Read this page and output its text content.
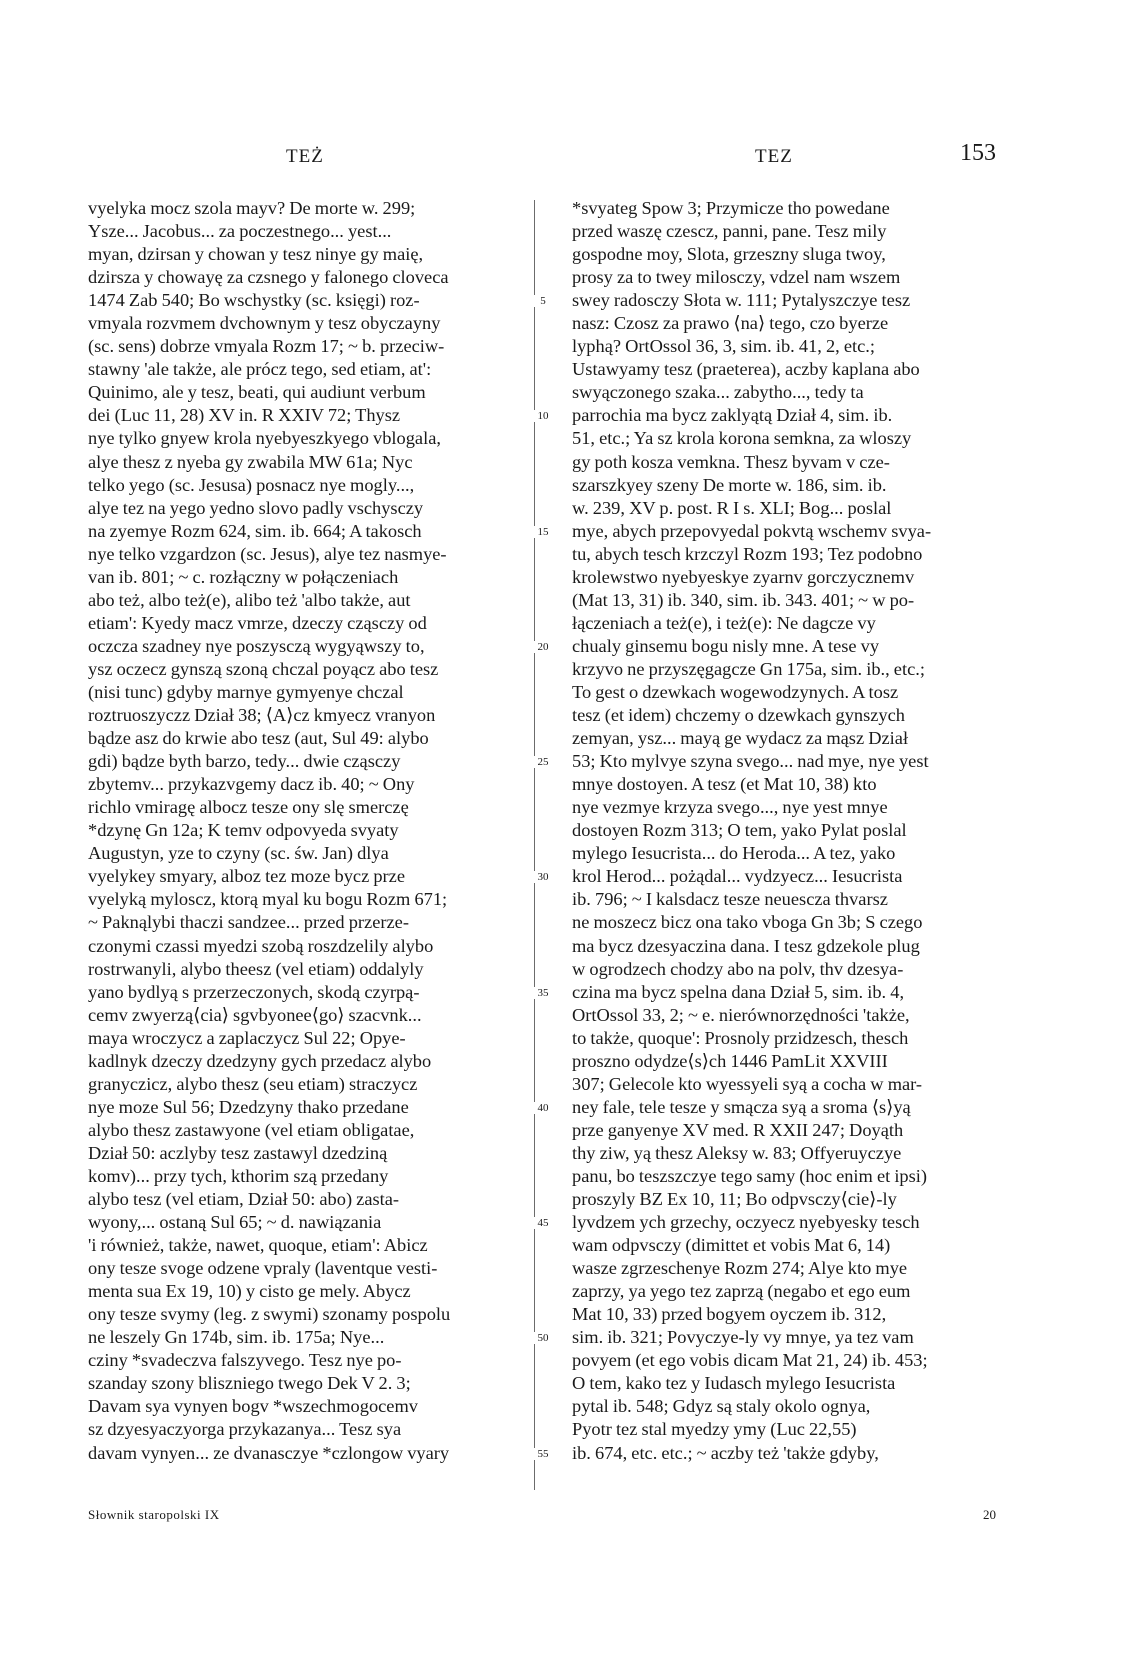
TEŻ	TEZ	153
vyelyka mocz szola mayv? De morte w. 299;
Ysze... Jacobus... za poczestnego... yest...
myan, dzirsan y chowan y tesz ninye gy maię,
dzirsza y chowayę za czsnego y falonego cloveca
1474 Zab 540; Bo wschystky (sc. księgi) roz-
vmyala rozvmem dvchownym y tesz obyczayny
(sc. sens) dobrze vmyala Rozm 17; ~ b. przeciw-
stawny 'ale także, ale prócz tego, sed etiam, at':
Quinimo, ale y tesz, beati, qui audiunt verbum
dei (Luc 11, 28) XV in. R XXIV 72; Thysz
nye tylko gnyew krola nyebyeszkyego vblogala,
alye thesz z nyeba gy zwabila MW 61a; Nyc
telko yego (sc. Jesusa) posnacz nye mogly...,
alye tez na yego yedno slovo padly vschysczy
na zyemye Rozm 624, sim. ib. 664; A takosch
nye telko vzgardzon (sc. Jesus), alye tez nasmye-
van ib. 801; ~ c. rozłączny w połączeniach
abo też, albo też(e), alibo też 'albo także, aut
etiam': Kyedy macz vmrze, dzeczy cząsczy od
oczcza szadney nye poszysczą wygyąwszy to,
ysz oczecz gynszą szoną chczal poyącz abo tesz
(nisi tunc) gdyby marnye gymyenye chczal
roztruoszyczz Dział 38; ⟨A⟩cz kmyecz vranyon
bądze asz do krwie abo tesz (aut, Sul 49: alybo
gdi) bądze byth barzo, tedy... dwie cząsczy
zbytemv... przykazvgemy dacz ib. 40; ~ Ony
richlo vmiragę albocz tesze ony slę smerczę
*dzynę Gn 12a; K temv odpovyeda svyaty
Augustyn, yze to czyny (sc. św. Jan) dlya
vyelykey smyary, alboz tez moze bycz prze
vyelyką myloscz, ktorą myal ku bogu Rozm 671;
~ Paknąlybi thaczi sandzee... przed przerze-
czonymi czassi myedzi szobą roszdzelily alybo
rostrwanyli, alybo theesz (vel etiam) oddalyly
yano bydlyą s przerzeczonych, skodą czyrpą-
cemv zwyerzą⟨cia⟩ sgvbyonee⟨go⟩ szacvnk...
maya wroczycz a zaplaczycz Sul 22; Opye-
kadlnyk dzeczy dzedzyny gych przedacz alybo
granyczicz, alybo thesz (seu etiam) straczycz
nye moze Sul 56; Dzedzyny thako przedane
alybo thesz zastawyone (vel etiam obligatae,
Dział 50: aczlyby tesz zastawyl dzedziną
komv)... przy tych, kthorim szą przedany
alybo tesz (vel etiam, Dział 50: abo) zasta-
wyony,... ostaną Sul 65; ~ d. nawiązania
'i również, także, nawet, quoque, etiam': Abicz
ony tesze svoge odzene vpraly (laventque vesti-
menta sua Ex 19, 10) y cisto ge mely. Abycz
ony tesze svymy (leg. z swymi) szonamy pospolu
ne leszely Gn 174b, sim. ib. 175a; Nye...
cziny *svadeczva falszyvego. Tesz nye po-
szanday szony bliszniego twego Dek V 2. 3;
Davam sya vynyen bogv *wszechmogocemv
sz dzyesyaczyorga przykazanya... Tesz sya
davam vynyen... ze dvanasczye *czlongow vyary
5
10
15
20
25
30
35
40
45
50
55
*svyateg Spow 3; Przymicze tho powedane
przed waszę czescz, panni, pane. Tesz mily
gospodne moy, Slota, grzeszny sluga twoy,
prosy za to twey milosczy, vdzel nam wszem
swey radosczy Słota w. 111; Pytalyszczye tesz
nasz: Czosz za prawo ⟨na⟩ tego, czo byerze
lyphą? OrtOssol 36, 3, sim. ib. 41, 2, etc.;
Ustawyamy tesz (praeterea), aczby kaplana abo
swyączonego szaka... zabytho..., tedy ta
parrochia ma bycz zaklyątą Dział 4, sim. ib.
51, etc.; Ya sz krola korona semkna, za wloszy
gy poth kosza vemkna. Thesz byvam v cze-
szarszkyey szeny De morte w. 186, sim. ib.
w. 239, XV p. post. R I s. XLI; Bog... poslal
mye, abych przepovyedal pokvtą wschemv svya-
tu, abych tesch krzczyl Rozm 193; Tez podobno
krolewstwo nyebyeskye zyarnv gorczycznemv
(Mat 13, 31) ib. 340, sim. ib. 343. 401; ~ w po-
łączeniach a też(e), i też(e): Ne dagcze vy
chualy ginsemu bogu nisly mne. A tese vy
krzyvo ne przyszęgagcze Gn 175a, sim. ib., etc.;
To gest o dzewkach wogewodzynych. A tosz
tesz (et idem) chczemy o dzewkach gynszych
zemyan, ysz... mayą ge wydacz za mąsz Dział
53; Kto mylvye szyna svego... nad mye, nye yest
mnye dostoyen. A tesz (et Mat 10, 38) kto
nye vezmye krzyza svego..., nye yest mnye
dostoyen Rozm 313; O tem, yako Pylat poslal
mylego Iesucrista... do Heroda... A tez, yako
krol Herod... pożądal... vydzyecz... Iesucrista
ib. 796; ~ I kalsdacz tesze neuescza thvarsz
ne moszecz bicz ona tako vboga Gn 3b; S czego
ma bycz dzesyaczina dana. I tesz gdzekole plug
w ogrodzech chodzy abo na polv, thv dzesya-
czina ma bycz spelna dana Dział 5, sim. ib. 4,
OrtOssol 33, 2; ~ e. nierównorzędności 'także,
to także, quoque': Prosnoly przidzesch, thesch
proszno odydze⟨s⟩ch 1446 PamLit XXVIII
307; Gelecole kto wyessyeli syą a cocha w mar-
ney fale, tele tesze y smącza syą a sroma ⟨s⟩yą
prze ganyenye XV med. R XXII 247; Doyąth
thy ziw, yą thesz Aleksy w. 83; Offyeruyczye
panu, bo teszszczye tego samy (hoc enim et ipsi)
proszyly BZ Ex 10, 11; Bo odpvsczy⟨cie⟩-ly
lyvdzem ych grzechy, oczyecz nyebyesky tesch
wam odpvsczy (dimittet et vobis Mat 6, 14)
wasze zgrzeschenye Rozm 274; Alye kto mye
zaprzy, ya yego tez zaprzą (negabo et ego eum
Mat 10, 33) przed bogyem oyczem ib. 312,
sim. ib. 321; Povyczye-ly vy mnye, ya tez vam
povyem (et ego vobis dicam Mat 21, 24) ib. 453;
O tem, kako tez y Iudasch mylego Iesucrista
pytal ib. 548; Gdyz są staly okolo ognya,
Pyotr tez stal myedzy ymy (Luc 22,55)
ib. 674, etc. etc.; ~ aczby też 'także gdyby,
Słownik staropolski IX	20
